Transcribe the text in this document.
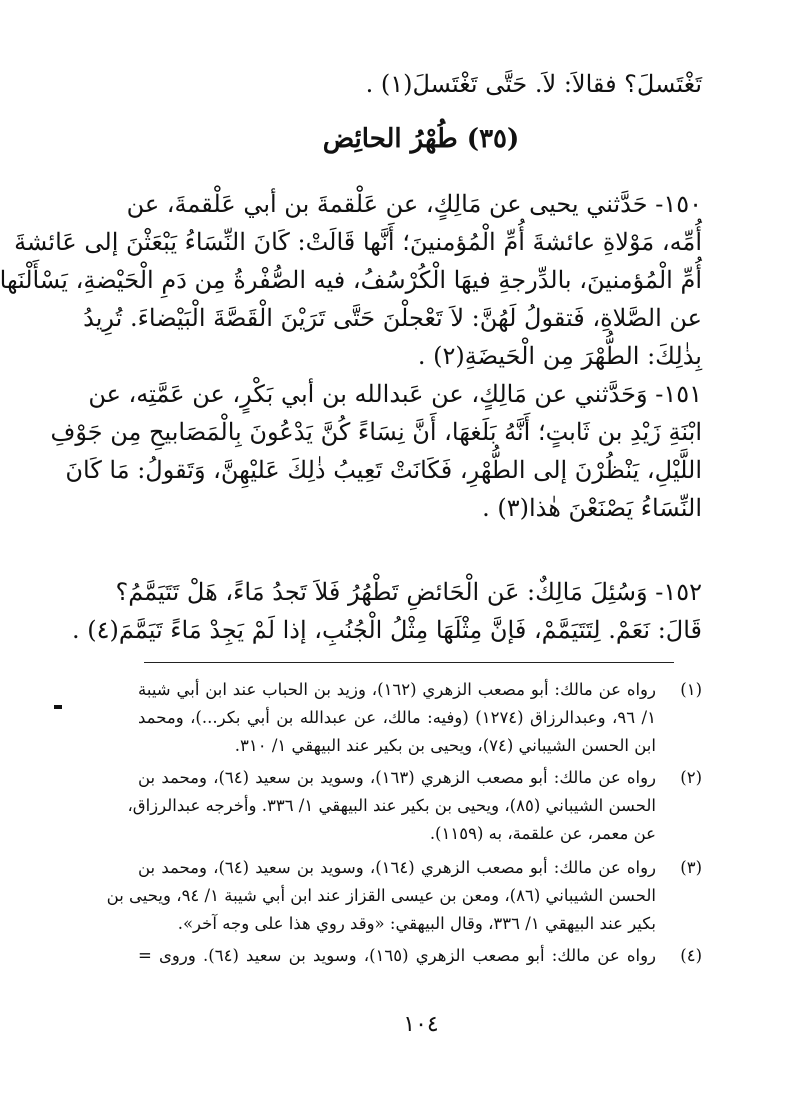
تَغْتَسلَ؟ فقالاَ: لاَ. حَتَّى تَغْتَسلَ(١) .
(٣٥) طُهْرُ الحائِض
١٥٠- حَدَّثني يحيى عن مَالِكٍ، عن عَلْقمةَ بن أبي عَلْقمةَ، عن
أُمِّه، مَوْلاةِ عائشةَ أُمِّ الْمُؤمنينَ؛ أَنَّها قَالَتْ: كَانَ النِّسَاءُ يَبْعَثْنَ إلى عَائشةَ
أُمِّ الْمُؤمنينَ، بالدِّرجةِ فيهَا الْكُرْسُفُ، فيه الصُّفْرةُ مِن دَمِ الْحَيْضةِ، يَسْأَلْنَها
عن الصَّلاةِ، فَتقولُ لَهُنَّ: لاَ تَعْجلْنَ حَتَّى تَرَيْنَ الْقَصَّةَ الْبَيْضاءَ. تُرِيدُ
بِذٰلِكَ: الطُّهْرَ مِن الْحَيضَةِ(٢) .
١٥١- وَحَدَّثني عن مَالِكٍ، عن عَبدالله بن أبي بَكْرٍ، عن عَمَّتِه، عن
ابْنَةِ زَيْدِ بن ثَابتٍ؛ أَنَّهُ بَلَغهَا، أَنَّ نِسَاءً كُنَّ يَدْعُونَ بِالْمَصَابيحِ مِن جَوْفِ
اللَّيْلِ، يَنْظُرْنَ إلى الطُّهْرِ، فَكَانَتْ تَعِيبُ ذٰلِكَ عَليْهِنَّ، وَتَقولُ: مَا كَانَ
النِّسَاءُ يَصْنَعْنَ هٰذا(٣) .
١٥٢- وَسُئِلَ مَالِكٌ: عَن الْحَائضِ تَطْهُرُ فَلاَ تَجدُ مَاءً، هَلْ تَتَيَمَّمُ؟
قَالَ: نَعَمْ. لِتَتَيَمَّمْ، فَإنَّ مِثْلَهَا مِثْلُ الْجُنُبِ، إذا لَمْ يَجِدْ مَاءً تَيَمَّمَ(٤) .
(١)
رواه عن مالك: أبو مصعب الزهري (١٦٢)، وزيد بن الحباب عند ابن أبي شيبة
١/ ٩٦، وعبدالرزاق (١٢٧٤) (وفيه: مالك، عن عبدالله بن أبي بكر...)، ومحمد
ابن الحسن الشيباني (٧٤)، ويحيى بن بكير عند البيهقي ١/ ٣١٠.
(٢)
رواه عن مالك: أبو مصعب الزهري (١٦٣)، وسويد بن سعيد (٦٤)، ومحمد بن
الحسن الشيباني (٨٥)، ويحيى بن بكير عند البيهقي ١/ ٣٣٦. وأخرجه عبدالرزاق،
عن معمر، عن علقمة، به (١١٥٩).
(٣)
رواه عن مالك: أبو مصعب الزهري (١٦٤)، وسويد بن سعيد (٦٤)، ومحمد بن
الحسن الشيباني (٨٦)، ومعن بن عيسى القزاز عند ابن أبي شيبة ١/ ٩٤، ويحيى بن
بكير عند البيهقي ١/ ٣٣٦، وقال البيهقي: «وقد روي هذا على وجه آخر».
(٤)
رواه عن مالك: أبو مصعب الزهري (١٦٥)، وسويد بن سعيد (٦٤). وروى =
١٠٤
